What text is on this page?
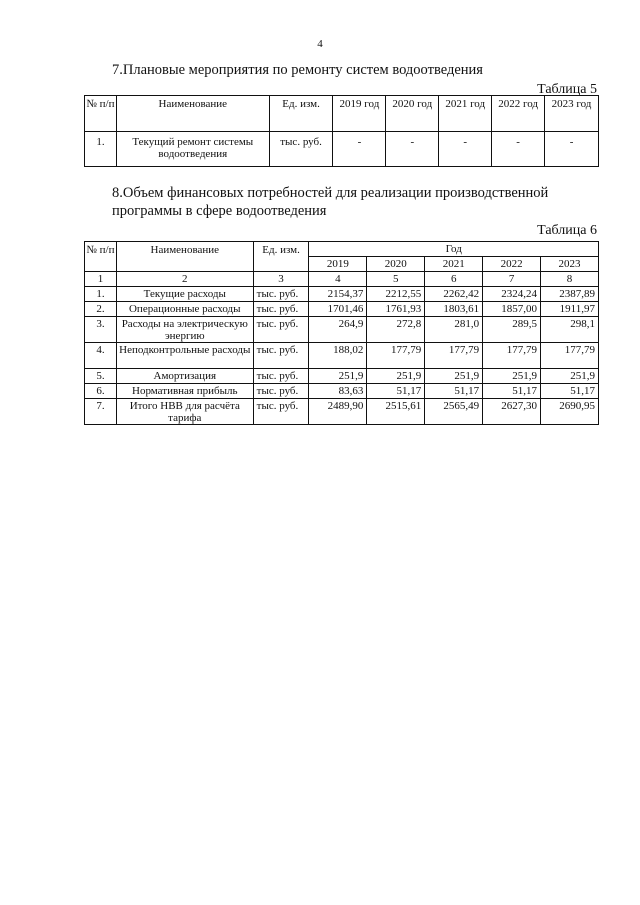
4
7.Плановые мероприятия по ремонту систем водоотведения
Таблица 5
№ п/п	Наименование	Ед. изм.	2019 год	2020 год	2021 год	2022 год	2023 год
1.	Текущий ремонт системы водоотведения	тыс. руб.	-	-	-	-	-
8.Объем финансовых потребностей для реализации производственной программы в сфере водоотведения
Таблица 6
№ п/п	Наименование	Ед. изм.	Год				
			2019	2020	2021	2022	2023
1	2	3	4	5	6	7	8
1.	Текущие расходы	тыс. руб.	2154,37	2212,55	2262,42	2324,24	2387,89
2.	Операционные расходы	тыс. руб.	1701,46	1761,93	1803,61	1857,00	1911,97
3.	Расходы на электрическую энергию	тыс. руб.	264,9	272,8	281,0	289,5	298,1
4.	Неподконтрольные расходы	тыс. руб.	188,02	177,79	177,79	177,79	177,79
5.	Амортизация	тыс. руб.	251,9	251,9	251,9	251,9	251,9
6.	Нормативная прибыль	тыс. руб.	83,63	51,17	51,17	51,17	51,17
7.	Итого НВВ для расчёта тарифа	тыс. руб.	2489,90	2515,61	2565,49	2627,30	2690,95
